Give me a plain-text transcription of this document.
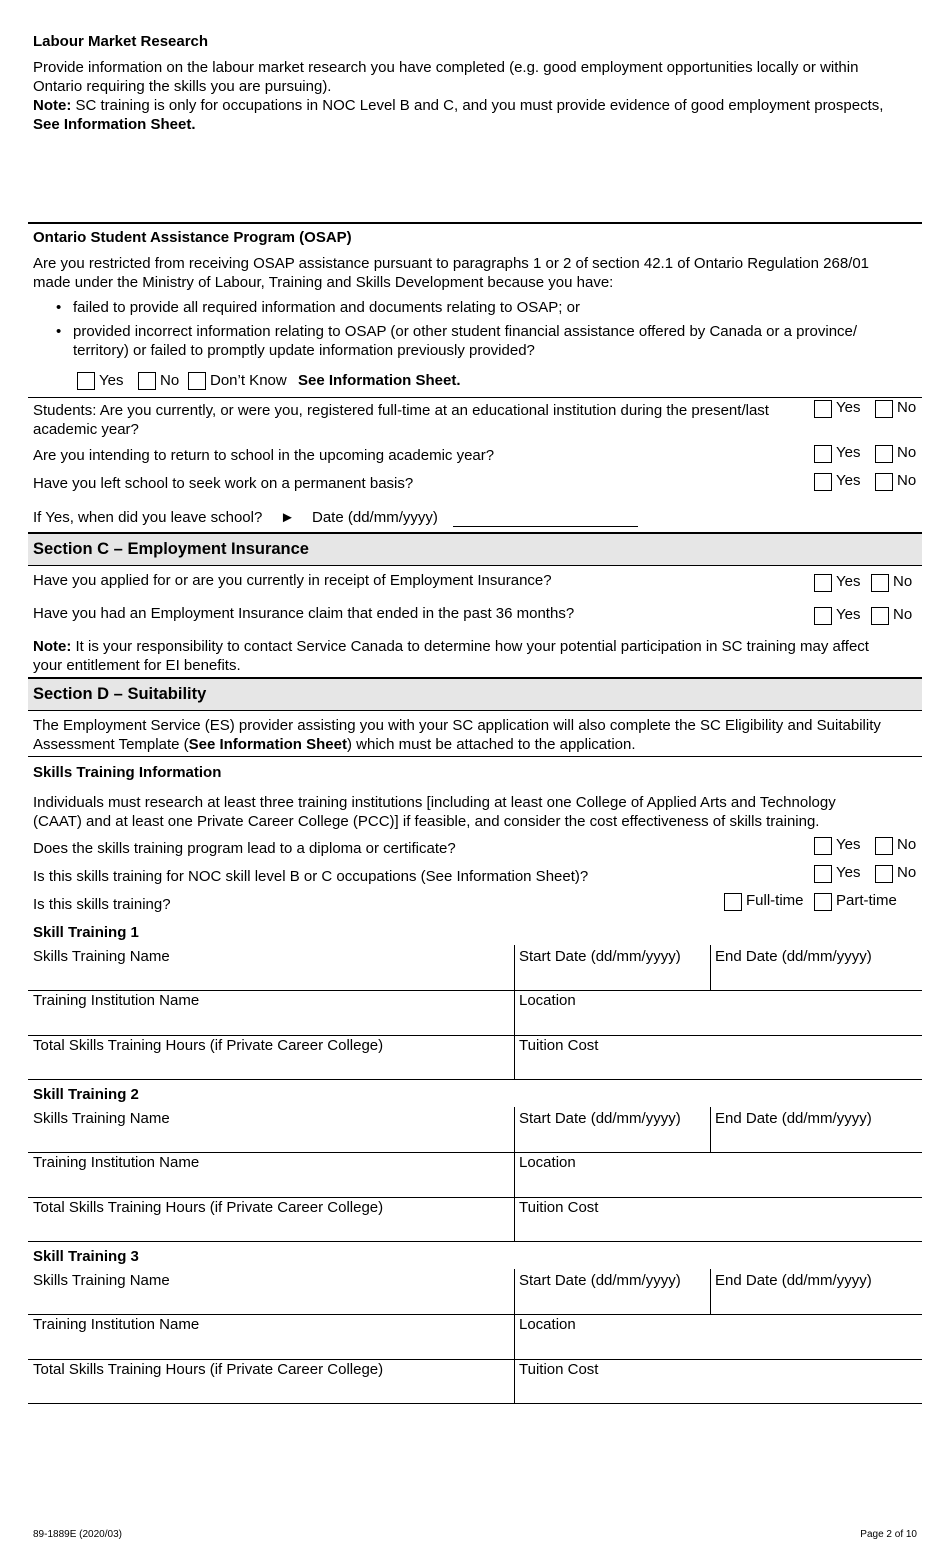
Labour Market Research
Provide information on the labour market research you have completed (e.g. good employment opportunities locally or within
Ontario requiring the skills you are pursuing).
Note: SC training is only for occupations in NOC Level B and C, and you must provide evidence of good employment prospects,
See Information Sheet.
Ontario Student Assistance Program (OSAP)
Are you restricted from receiving OSAP assistance pursuant to paragraphs 1 or 2 of section 42.1 of Ontario Regulation 268/01
made under the Ministry of Labour, Training and Skills Development because you have:
• failed to provide all required information and documents relating to OSAP; or
• provided incorrect information relating to OSAP (or other student financial assistance offered by Canada or a province/
territory) or failed to promptly update information previously provided?
Yes No Don’t Know See Information Sheet.
Students: Are you currently, or were you, registered full-time at an educational institution during the present/last
academic year?
Yes No
Are you intending to return to school in the upcoming academic year?	Yes No
Have you left school to seek work on a permanent basis?	Yes No
If Yes, when did you leave school? ► Date (dd/mm/yyyy)
Section C – Employment Insurance
Have you applied for or are you currently in receipt of Employment Insurance?	Yes No
Have you had an Employment Insurance claim that ended in the past 36 months?	Yes No
Note: It is your responsibility to contact Service Canada to determine how your potential participation in SC training may affect
your entitlement for EI benefits.
Section D – Suitability
The Employment Service (ES) provider assisting you with your SC application will also complete the SC Eligibility and Suitability
Assessment Template (See Information Sheet) which must be attached to the application.
Skills Training Information
Individuals must research at least three training institutions [including at least one College of Applied Arts and Technology
(CAAT) and at least one Private Career College (PCC)] if feasible, and consider the cost effectiveness of skills training.
Does the skills training program lead to a diploma or certificate?	Yes No
Is this skills training for NOC skill level B or C occupations (See Information Sheet)?	Yes No
Is this skills training?	Full-time Part-time
Skill Training 1
Skills Training Name	Start Date (dd/mm/yyyy) End Date (dd/mm/yyyy)
Training Institution Name	Location
Total Skills Training Hours (if Private Career College)	Tuition Cost
Skill Training 2
Skills Training Name	Start Date (dd/mm/yyyy) End Date (dd/mm/yyyy)
Training Institution Name	Location
Total Skills Training Hours (if Private Career College)	Tuition Cost
Skill Training 3
Skills Training Name	Start Date (dd/mm/yyyy) End Date (dd/mm/yyyy)
Training Institution Name	Location
Total Skills Training Hours (if Private Career College)	Tuition Cost
89-1889E (2020/03)	Page 2 of 10
